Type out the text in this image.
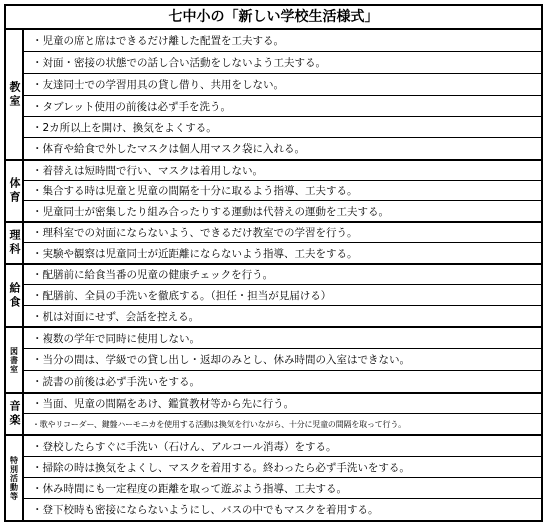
七中小の「新しい学校生活様式」
教室
・児童の席と席はできるだけ離した配置を工夫する。
・対面・密接の状態での話し合い活動をしないよう工夫する。
・友達同士での学習用具の貸し借り、共用をしない。
・タブレット使用の前後は必ず手を洗う。
・2カ所以上を開け、換気をよくする。
・体育や給食で外したマスクは個人用マスク袋に入れる。
体育
・着替えは短時間で行い、マスクは着用しない。
・集合する時は児童と児童の間隔を十分に取るよう指導、工夫する。
・児童同士が密集したり組み合ったりする運動は代替えの運動を工夫する。
理科	・理科室での対面にならないよう、できるだけ教室での学習を行う。
・実験や観察は児童同士が近距離にならないよう指導、工夫をする。
給食
・配膳前に給食当番の児童の健康チェックを行う。
・配膳前、全員の手洗いを徹底する。（担任・担当が見届ける）
・机は対面にせず、会話を控える。
図書室
・複数の学年で同時に使用しない。
・当分の間は、学級での貸し出し・返却のみとし、休み時間の入室はできない。
・読書の前後は必ず手洗いをする。
音楽	・当面、児童の間隔をあけ、鑑賞教材等から先に行う。
・歌やリコーダー、鍵盤ハーモニカを使用する活動は換気を行いながら、十分に児童の間隔を取って行う。
特別活動等
・登校したらすぐに手洗い（石けん、アルコール消毒）をする。
・掃除の時は換気をよくし、マスクを着用する。終わったら必ず手洗いをする。
・休み時間にも一定程度の距離を取って遊ぶよう指導、工夫する。
・登下校時も密接にならないようにし、バスの中でもマスクを着用する。
